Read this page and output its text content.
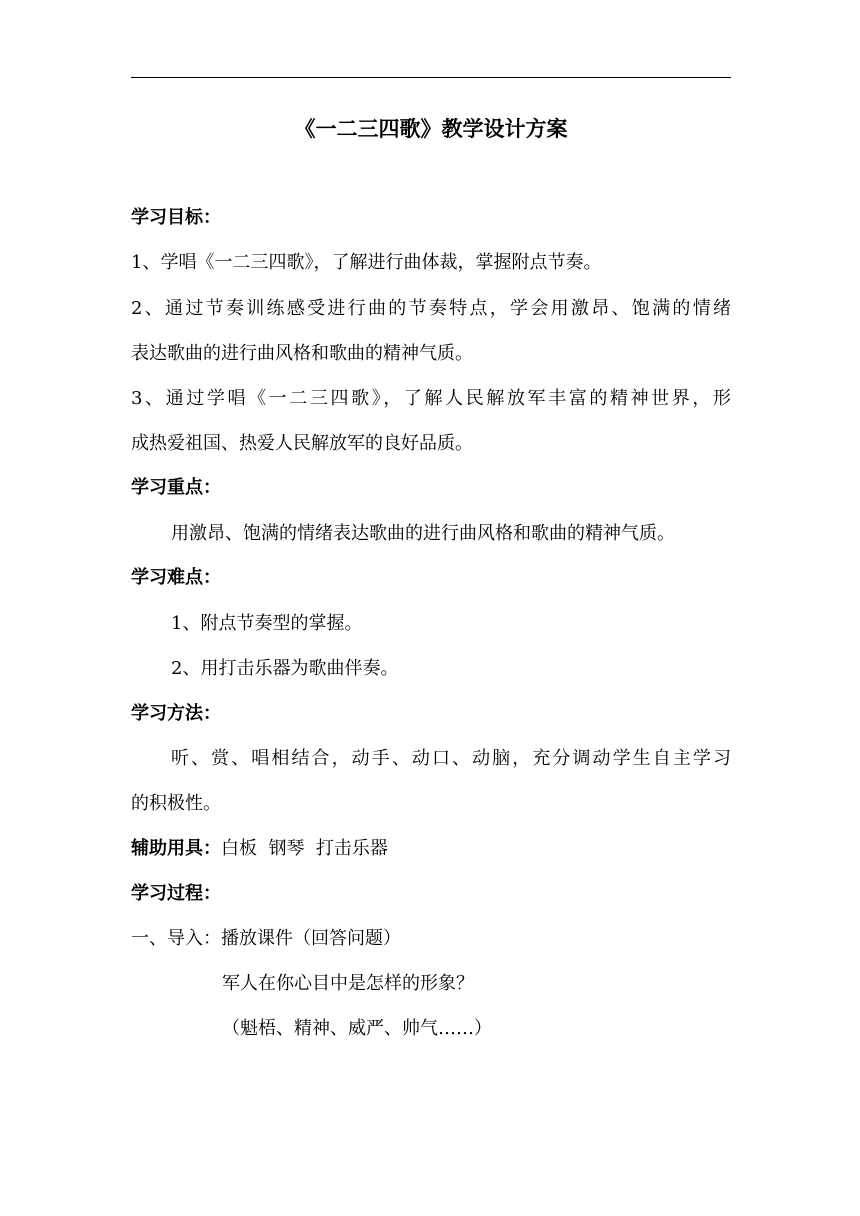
《一二三四歌》教学设计方案
学习目标：
1、学唱《一二三四歌》，了解进行曲体裁，掌握附点节奏。
2、通过节奏训练感受进行曲的节奏特点，学会用激昂、饱满的情绪
表达歌曲的进行曲风格和歌曲的精神气质。
3、通过学唱《一二三四歌》，了解人民解放军丰富的精神世界，形
成热爱祖国、热爱人民解放军的良好品质。
学习重点：
用激昂、饱满的情绪表达歌曲的进行曲风格和歌曲的精神气质。
学习难点：
1、附点节奏型的掌握。
2、用打击乐器为歌曲伴奏。
学习方法：
听、赏、唱相结合，动手、动口、动脑，充分调动学生自主学习
的积极性。
辅助用具：白板  钢琴  打击乐器
学习过程：
一、导入：播放课件（回答问题）
军人在你心目中是怎样的形象？
（魁梧、精神、威严、帅气……）
